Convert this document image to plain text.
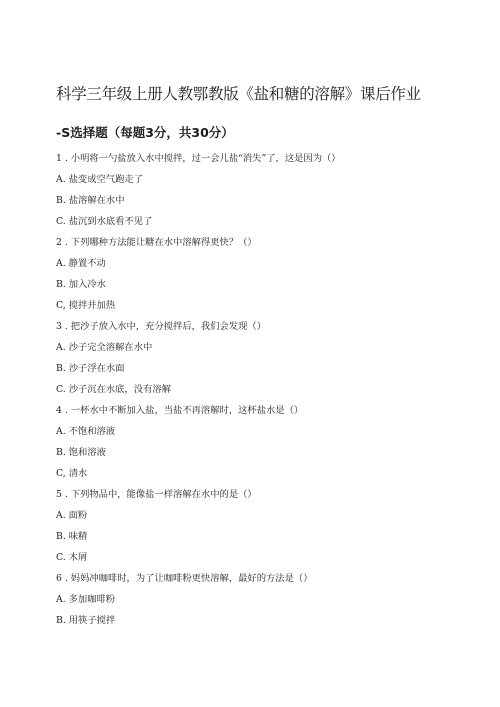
科学三年级上册人教鄂教版《盐和糖的溶解》课后作业
-S选择题（每题3分，共30分）
1 . 小明将一勺盐放入水中搅拌，过一会儿盐“消失”了，这是因为（）
A. 盐变成空气跑走了
B. 盐溶解在水中
C. 盐沉到水底看不见了
2 . 下列哪种方法能让糖在水中溶解得更快？（）
A. 静置不动
B. 加入冷水
C, 搅拌并加热
3 . 把沙子放入水中，充分搅拌后，我们会发现（）
A. 沙子完全溶解在水中
B. 沙子浮在水面
C. 沙子沉在水底，没有溶解
4 . 一杯水中不断加入盐，当盐不再溶解时，这杯盐水是（）
A. 不饱和溶液
B. 饱和溶液
C, 清水
5 . 下列物品中，能像盐一样溶解在水中的是（）
A. 面粉
B. 味精
C. 木屑
6 . 妈妈冲咖啡时，为了让咖啡粉更快溶解，最好的方法是（）
A. 多加咖啡粉
B. 用筷子搅拌
